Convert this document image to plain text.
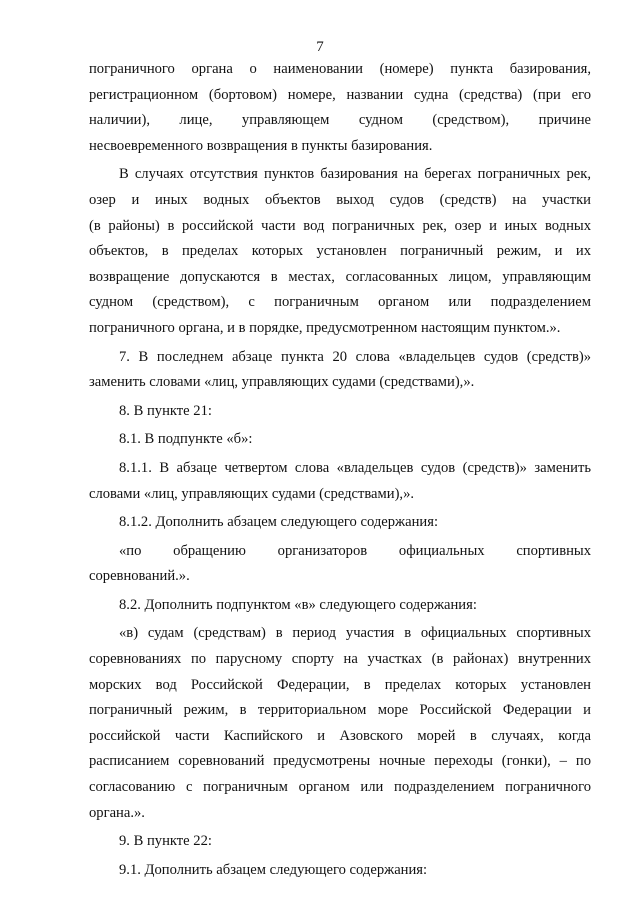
7
пограничного органа о наименовании (номере) пункта базирования,
регистрационном (бортовом) номере, названии судна (средства) (при его
наличии), лице, управляющем судном (средством), причине
несвоевременного возвращения в пункты базирования.
В случаях отсутствия пунктов базирования на берегах пограничных рек,
озер и иных водных объектов выход судов (средств) на участки
(в районы) в российской части вод пограничных рек, озер и иных водных
объектов, в пределах которых установлен пограничный режим, и их
возвращение допускаются в местах, согласованных лицом, управляющим
судном (средством), с пограничным органом или подразделением
пограничного органа, и в порядке, предусмотренном настоящим пунктом.».
7. В последнем абзаце пункта 20 слова «владельцев судов (средств)»
заменить словами «лиц, управляющих судами (средствами),».
8. В пункте 21:
8.1. В подпункте «б»:
8.1.1. В абзаце четвертом слова «владельцев судов (средств)» заменить
словами «лиц, управляющих судами (средствами),».
8.1.2. Дополнить абзацем следующего содержания:
«по обращению организаторов официальных спортивных
соревнований.».
8.2. Дополнить подпунктом «в» следующего содержания:
«в) судам (средствам) в период участия в официальных спортивных
соревнованиях по парусному спорту на участках (в районах) внутренних
морских вод Российской Федерации, в пределах которых установлен
пограничный режим, в территориальном море Российской Федерации и
российской части Каспийского и Азовского морей в случаях, когда
расписанием соревнований предусмотрены ночные переходы (гонки), – по
согласованию с пограничным органом или подразделением пограничного
органа.».
9. В пункте 22:
9.1. Дополнить абзацем следующего содержания:
